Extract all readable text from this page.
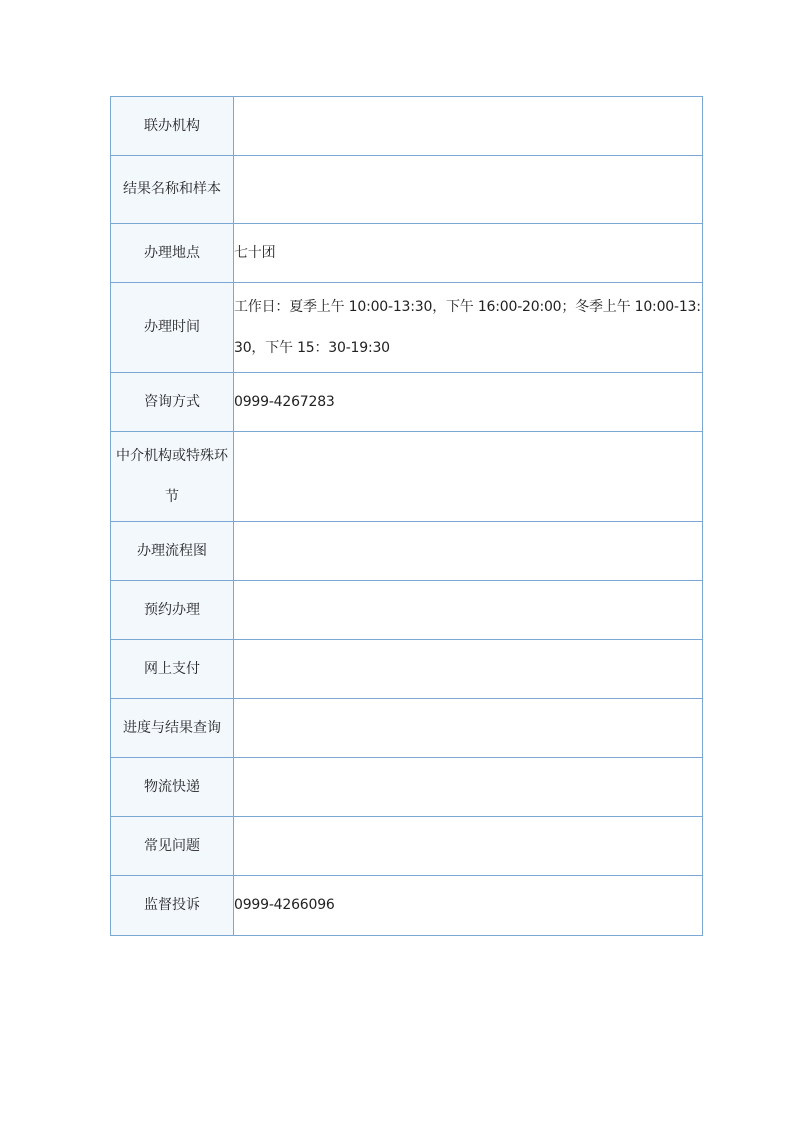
联办机构	
结果名称和样本	
办理地点	七十团
办理时间	工作日：夏季上午 10:00-13:30，下午 16:00-20:00；冬季上午 10:00-13:30，下午 15：30-19:30
咨询方式	0999-4267283
中介机构或特殊环节	
办理流程图	
预约办理	
网上支付	
进度与结果查询	
物流快递	
常见问题	
监督投诉	0999-4266096
